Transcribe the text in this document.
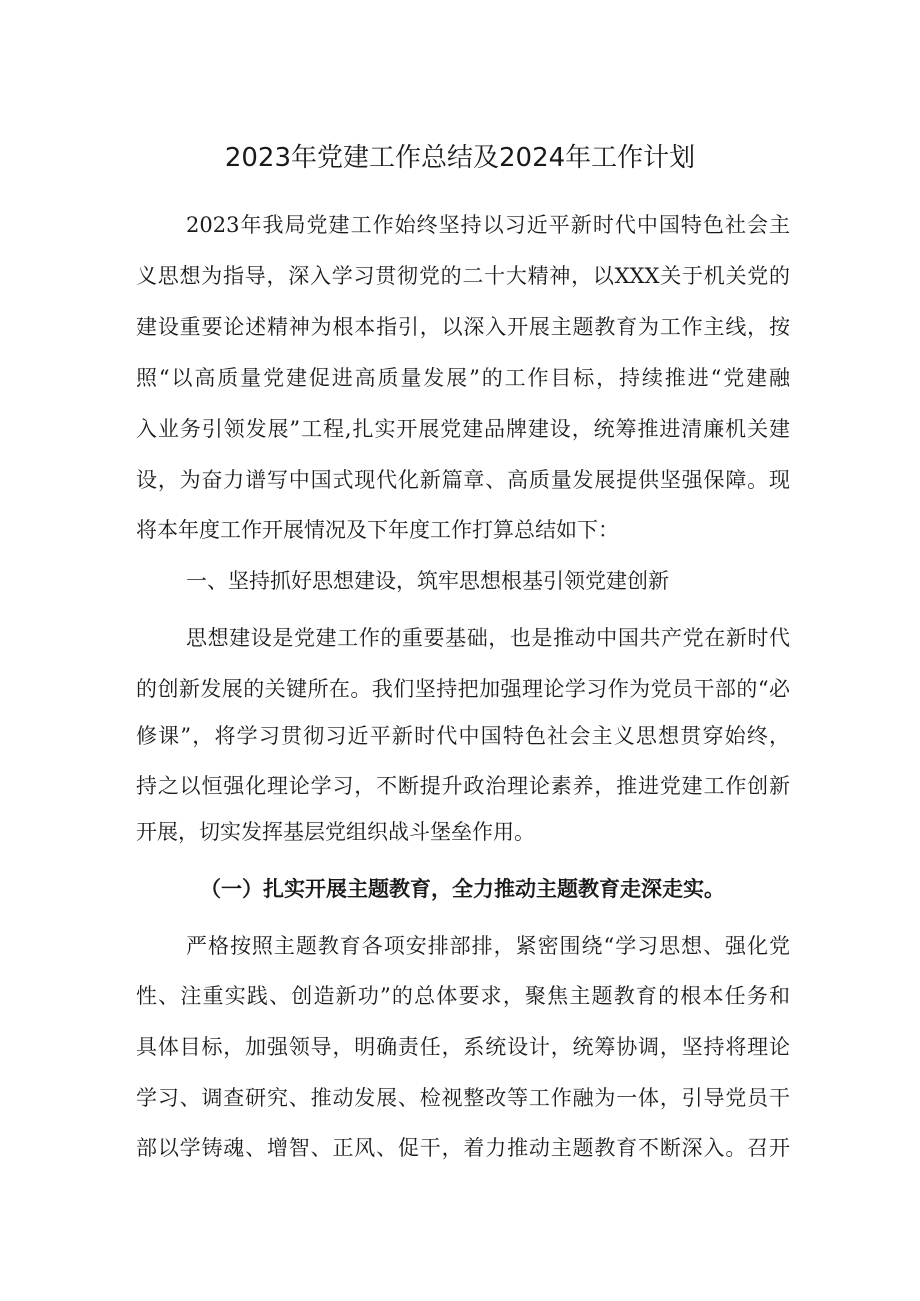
2023年党建工作总结及2024年工作计划
2023年我局党建工作始终坚持以习近平新时代中国特色社会主
义思想为指导，深入学习贯彻党的二十大精神，以XXX关于机关党的
建设重要论述精神为根本指引，以深入开展主题教育为工作主线，按
照“以高质量党建促进高质量发展”的工作目标，持续推进“党建融
入业务引领发展”工程,扎实开展党建品牌建设，统筹推进清廉机关建
设，为奋力谱写中国式现代化新篇章、高质量发展提供坚强保障。现
将本年度工作开展情况及下年度工作打算总结如下：
一、坚持抓好思想建设，筑牢思想根基引领党建创新
思想建设是党建工作的重要基础，也是推动中国共产党在新时代
的创新发展的关键所在。我们坚持把加强理论学习作为党员干部的“必
修课”，将学习贯彻习近平新时代中国特色社会主义思想贯穿始终，
持之以恒强化理论学习，不断提升政治理论素养，推进党建工作创新
开展，切实发挥基层党组织战斗堡垒作用。
（一）扎实开展主题教育，全力推动主题教育走深走实。
严格按照主题教育各项安排部排，紧密围绕“学习思想、强化党
性、注重实践、创造新功”的总体要求，聚焦主题教育的根本任务和
具体目标，加强领导，明确责任，系统设计，统筹协调，坚持将理论
学习、调查研究、推动发展、检视整改等工作融为一体，引导党员干
部以学铸魂、增智、正风、促干，着力推动主题教育不断深入。召开
